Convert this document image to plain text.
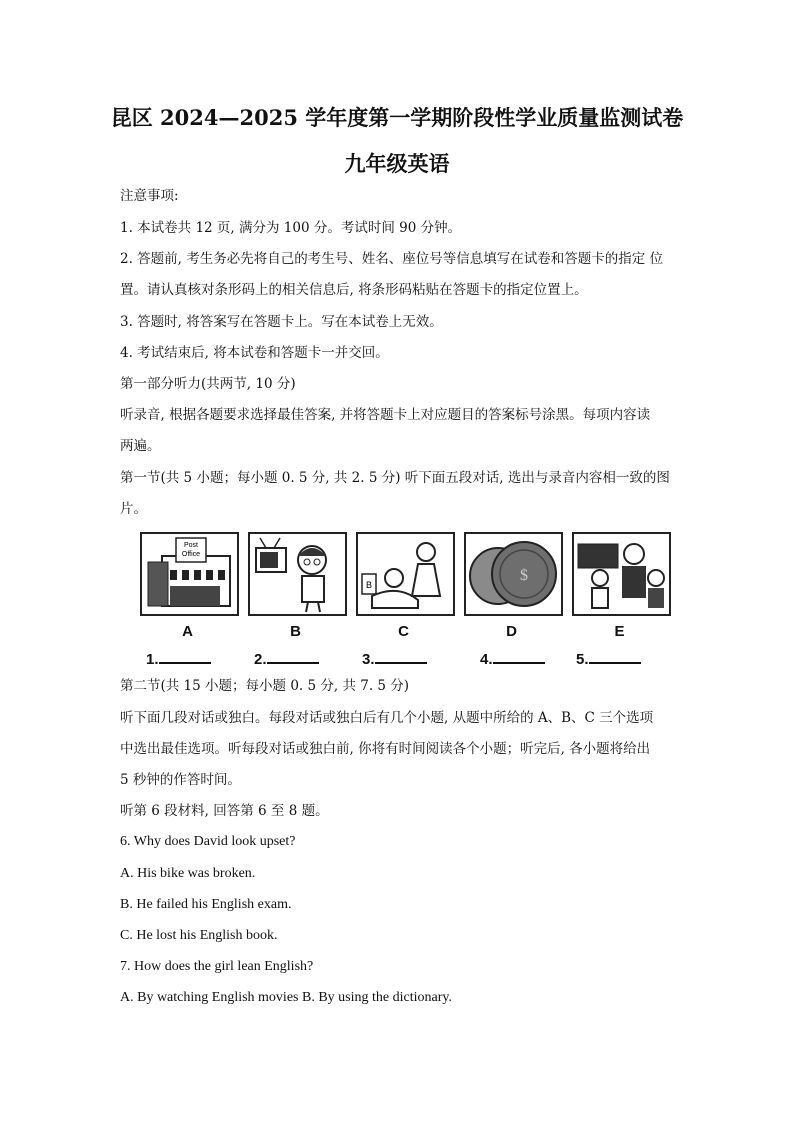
昆区 2024—2025 学年度第一学期阶段性学业质量监测试卷
九年级英语
注意事项:
1. 本试卷共 12 页, 满分为 100 分。考试时间 90 分钟。
2. 答题前, 考生务必先将自己的考生号、姓名、座位号等信息填写在试卷和答题卡的指定 位
置。请认真核对条形码上的相关信息后, 将条形码粘贴在答题卡的指定位置上。
3. 答题时, 将答案写在答题卡上。写在本试卷上无效。
4. 考试结束后, 将本试卷和答题卡一并交回。
第一部分听力(共两节, 10 分)
听录音, 根据各题要求选择最佳答案, 并将答题卡上对应题目的答案标号涂黑。每项内容读
两遍。
第一节(共 5 小题；每小题 0. 5 分, 共 2. 5 分) 听下面五段对话, 选出与录音内容相一致的图
片。
Post
Office
B
$
A	B	C	D	E
1.	2.	3.	4.	5.
第二节(共 15 小题；每小题 0. 5 分, 共 7. 5 分)
听下面几段对话或独白。每段对话或独白后有几个小题, 从题中所给的 A、B、C 三个选项
中选出最佳选项。听每段对话或独白前, 你将有时间阅读各个小题；听完后, 各小题将给出
5 秒钟的作答时间。
听第 6 段材料, 回答第 6 至 8 题。
6. Why does David look upset?
A. His bike was broken.
B. He failed his English exam.
C. He lost his English book.
7. How does the girl lean English?
A. By watching English movies B. By using the dictionary.
